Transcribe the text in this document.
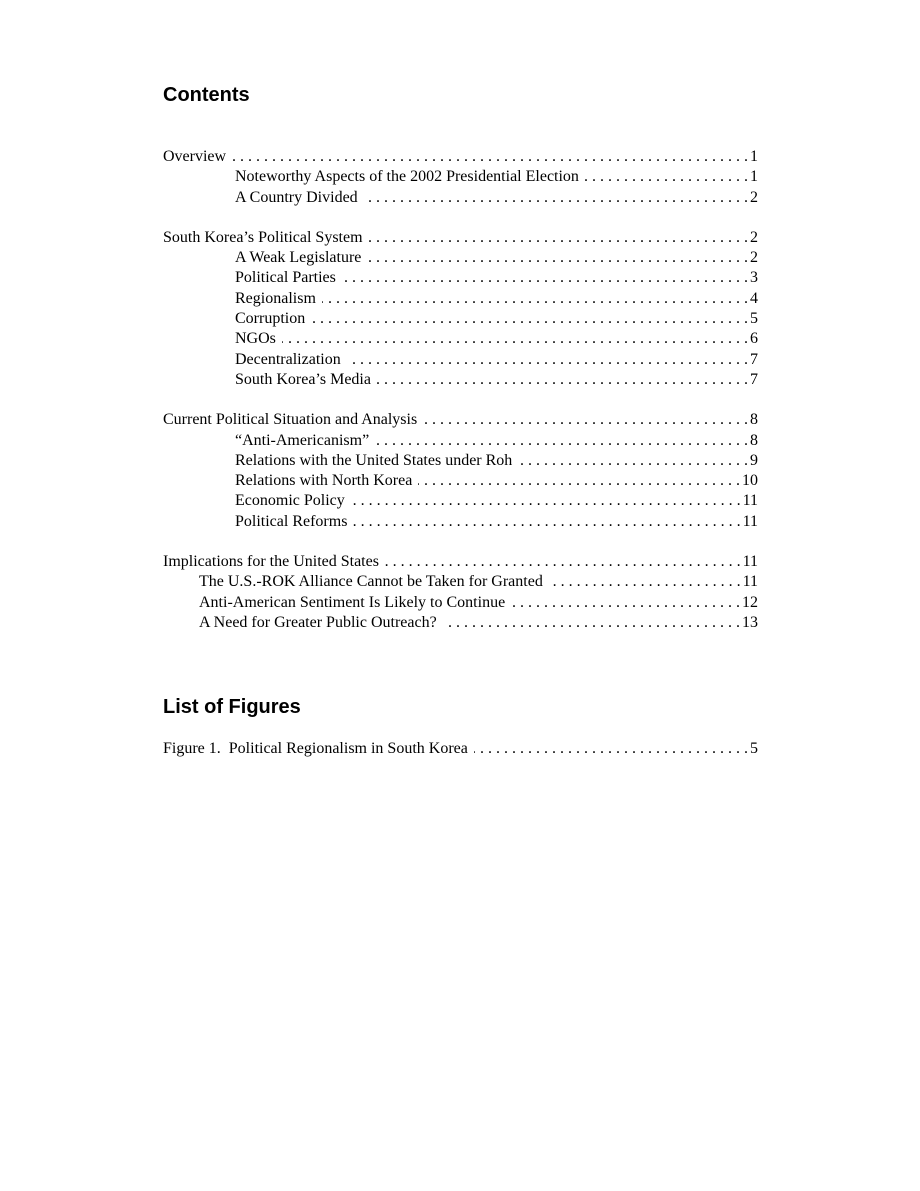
Contents
Overview . . .	1
Noteworthy Aspects of the 2002 Presidential Election . . .	1
A Country Divided . . .	2
South Korea’s Political System . . .	2
A Weak Legislature . . .	2
Political Parties . . .	3
Regionalism . . .	4
Corruption . . .	5
NGOs . . .	6
Decentralization . . .	7
South Korea’s Media . . .	7
Current Political Situation and Analysis . . .	8
“Anti-Americanism” . . .	8
Relations with the United States under Roh . . .	9
Relations with North Korea . . .	10
Economic Policy . . .	11
Political Reforms . . .	11
Implications for the United States . . .	11
The U.S.-ROK Alliance Cannot be Taken for Granted . . .	11
Anti-American Sentiment Is Likely to Continue . . .	12
A Need for Greater Public Outreach? . . .	13
List of Figures
Figure 1.  Political Regionalism in South Korea . . .	5
